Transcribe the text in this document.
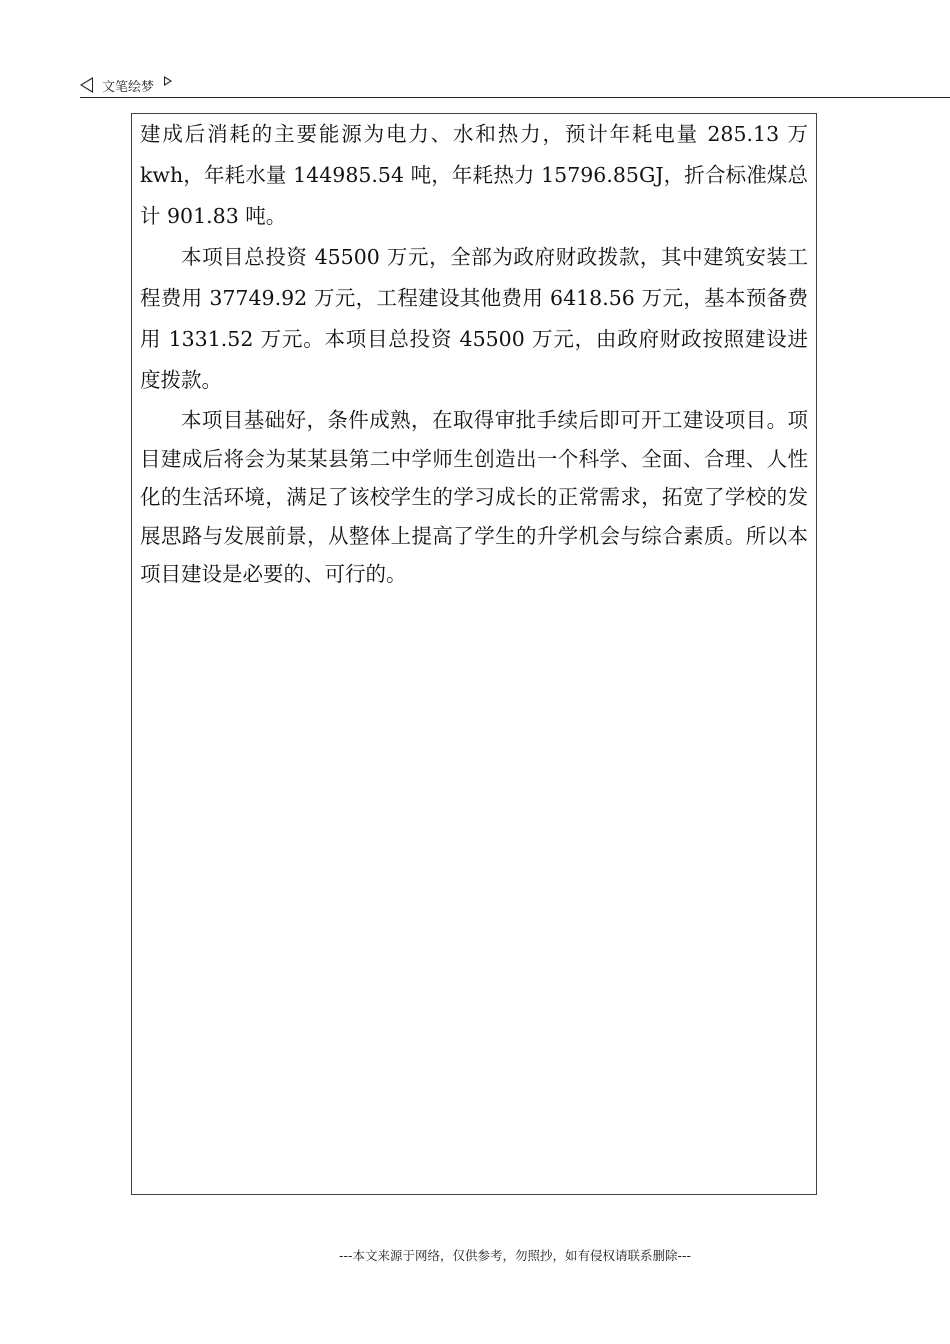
文笔绘梦

建成后消耗的主要能源为电力、水和热力，预计年耗电量 285.13 万 kwh，年耗水量 144985.54 吨，年耗热力 15796.85GJ，折合标准煤总计 901.83 吨。

本项目总投资 45500 万元，全部为政府财政拨款，其中建筑安装工程费用 37749.92 万元，工程建设其他费用 6418.56 万元，基本预备费用 1331.52 万元。本项目总投资 45500 万元，由政府财政按照建设进度拨款。

本项目基础好，条件成熟，在取得审批手续后即可开工建设项目。项目建成后将会为某某县第二中学师生创造出一个科学、全面、合理、人性化的生活环境，满足了该校学生的学习成长的正常需求，拓宽了学校的发展思路与发展前景，从整体上提高了学生的升学机会与综合素质。所以本项目建设是必要的、可行的。

---本文来源于网络，仅供参考，勿照抄，如有侵权请联系删除---
